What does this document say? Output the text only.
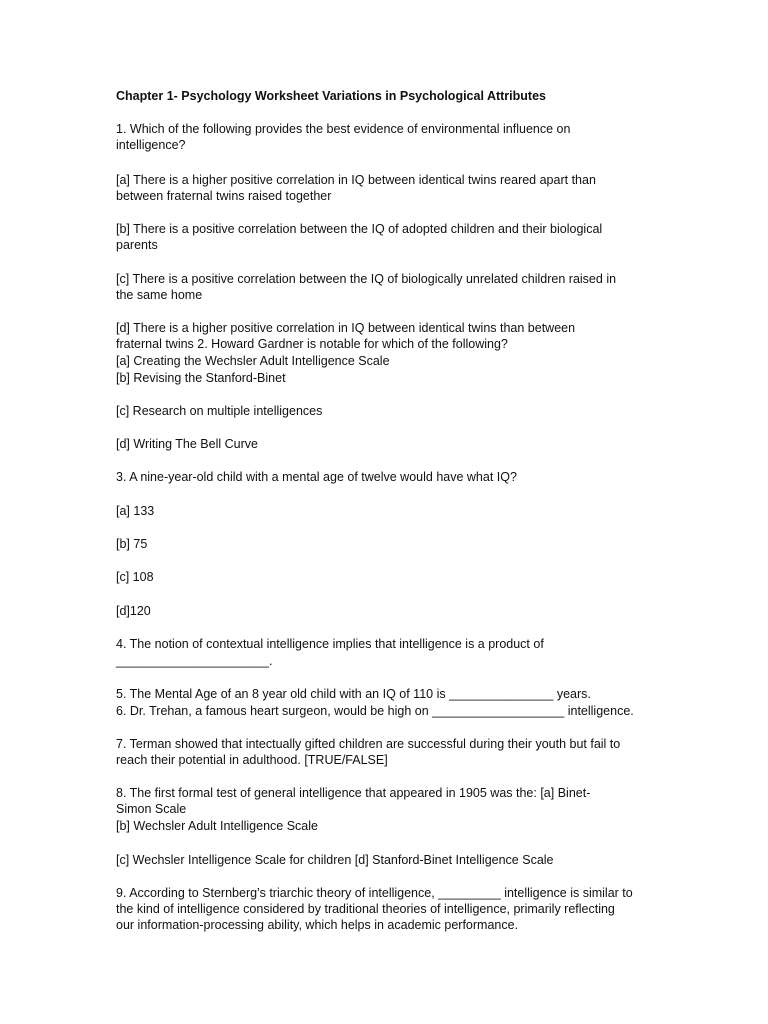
Chapter 1- Psychology Worksheet Variations in Psychological Attributes
1. Which of the following provides the best evidence of environmental influence on
intelligence?
[a] There is a higher positive correlation in IQ between identical twins reared apart than
between fraternal twins raised together
[b] There is a positive correlation between the IQ of adopted children and their biological
parents
[c] There is a positive correlation between the IQ of biologically unrelated children raised in
the same home
[d] There is a higher positive correlation in IQ between identical twins than between
fraternal twins 2. Howard Gardner is notable for which of the following?
[a] Creating the Wechsler Adult Intelligence Scale
[b] Revising the Stanford-Binet
[c] Research on multiple intelligences
[d] Writing The Bell Curve
3. A nine-year-old child with a mental age of twelve would have what IQ?
[a] 133
[b] 75
[c] 108
[d]120
4. The notion of contextual intelligence implies that intelligence is a product of
______________________.
5. The Mental Age of an 8 year old child with an IQ of 110 is _______________ years.
6. Dr. Trehan, a famous heart surgeon, would be high on ___________________ intelligence.
7. Terman showed that intectually gifted children are successful during their youth but fail to
reach their potential in adulthood. [TRUE/FALSE]
8. The first formal test of general intelligence that appeared in 1905 was the: [a] Binet-
Simon Scale
[b] Wechsler Adult Intelligence Scale
[c] Wechsler Intelligence Scale for children [d] Stanford-Binet Intelligence Scale
9. According to Sternberg’s triarchic theory of intelligence, _________ intelligence is similar to
the kind of intelligence considered by traditional theories of intelligence, primarily reflecting
our information-processing ability, which helps in academic performance.
